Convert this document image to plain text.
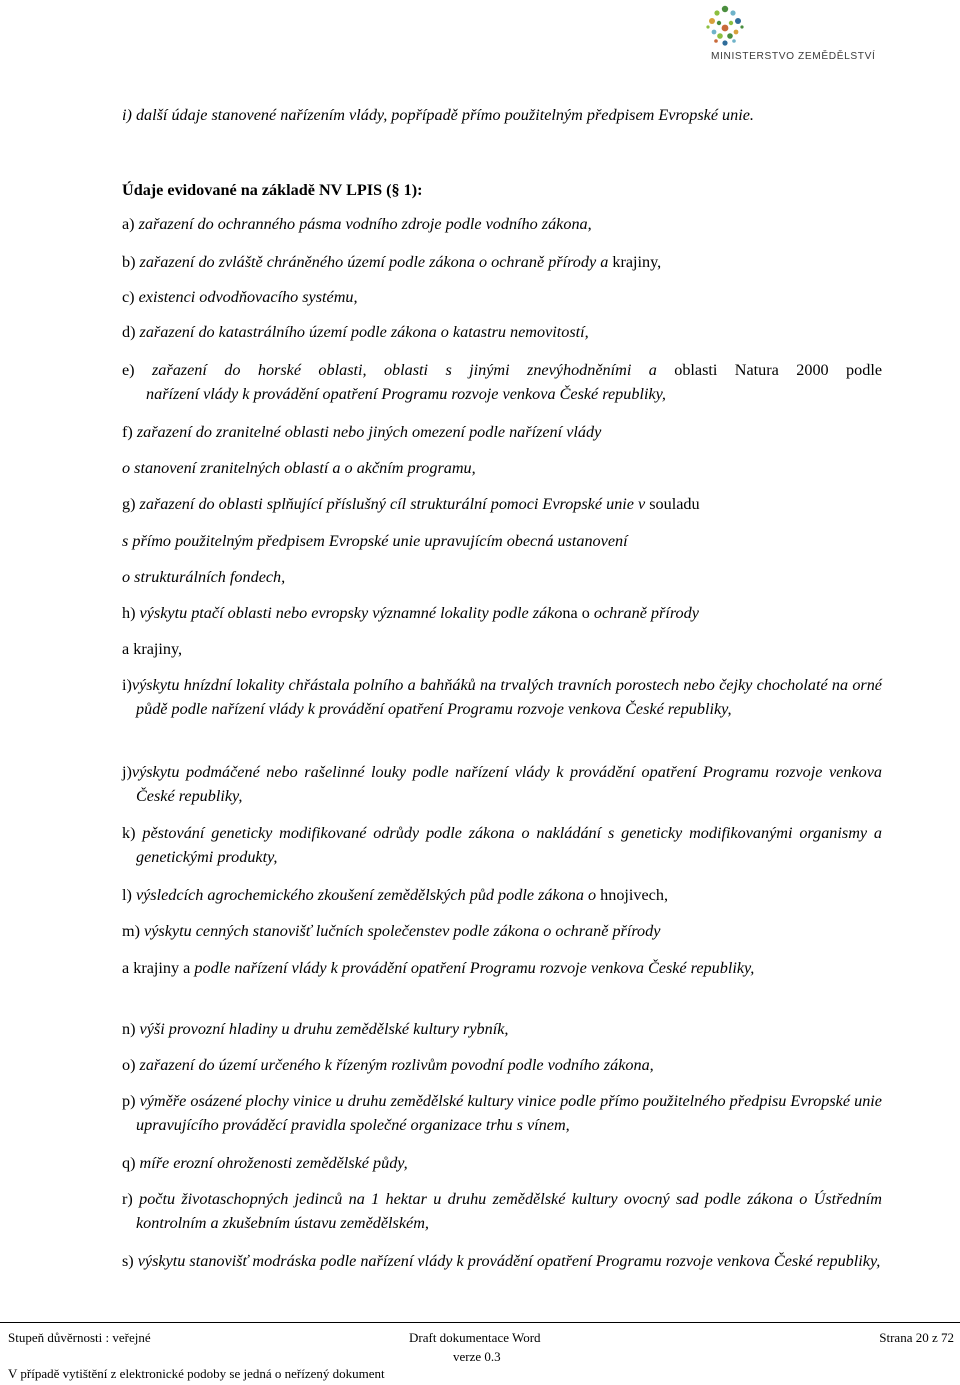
MINISTERSTVO ZEMĚDĚLSTVÍ
i) další údaje stanovené nařízením vlády, popřípadě přímo použitelným předpisem Evropské unie.
Údaje evidované na základě NV LPIS (§ 1):
a) zařazení do ochranného pásma vodního zdroje podle vodního zákona,
b) zařazení do zvláště chráněného území podle zákona o ochraně přírody a krajiny,
c) existenci odvodňovacího systému,
d) zařazení do katastrálního území podle zákona o katastru nemovitostí,
e) zařazení do horské oblasti, oblasti s jinými znevýhodněními a oblasti Natura 2000 podle
nařízení vlády k provádění opatření Programu rozvoje venkova České republiky,
f) zařazení do zranitelné oblasti nebo jiných omezení podle nařízení vlády
o stanovení zranitelných oblastí a o akčním programu,
g) zařazení do oblasti splňující příslušný cíl strukturální pomoci Evropské unie v souladu
s přímo použitelným předpisem Evropské unie upravujícím obecná ustanovení
o strukturálních fondech,
h) výskytu ptačí oblasti nebo evropsky významné lokality podle zákona o ochraně přírody
a krajiny,
i)výskytu hnízdní lokality chřástala polního a bahňáků na trvalých travních porostech nebo čejky chocholaté na orné půdě podle nařízení vlády k provádění opatření Programu rozvoje venkova České republiky,
j)výskytu podmáčené nebo rašelinné louky podle nařízení vlády k provádění opatření Programu rozvoje venkova České republiky,
k) pěstování geneticky modifikované odrůdy podle zákona o nakládání s geneticky modifikovanými organismy a genetickými produkty,
l) výsledcích agrochemického zkoušení zemědělských půd podle zákona o hnojivech,
m) výskytu cenných stanovišť lučních společenstev podle zákona o ochraně přírody
a krajiny a podle nařízení vlády k provádění opatření Programu rozvoje venkova České republiky,
n) výši provozní hladiny u druhu zemědělské kultury rybník,
o) zařazení do území určeného k řízeným rozlivům povodní podle vodního zákona,
p) výměře osázené plochy vinice u druhu zemědělské kultury vinice podle přímo použitelného předpisu Evropské unie upravujícího prováděcí pravidla společné organizace trhu s vínem,
q) míře erozní ohroženosti zemědělské půdy,
r) počtu životaschopných jedinců na 1 hektar u druhu zemědělské kultury ovocný sad podle zákona o Ústředním kontrolním a zkušebním ústavu zemědělském,
s) výskytu stanovišť modráska podle nařízení vlády k provádění opatření Programu rozvoje venkova České republiky,
Stupeň důvěrnosti : veřejné	Draft dokumentace Word	Strana 20 z 72
verze 0.3
V případě vytištění z elektronické podoby se jedná o neřízený dokument
